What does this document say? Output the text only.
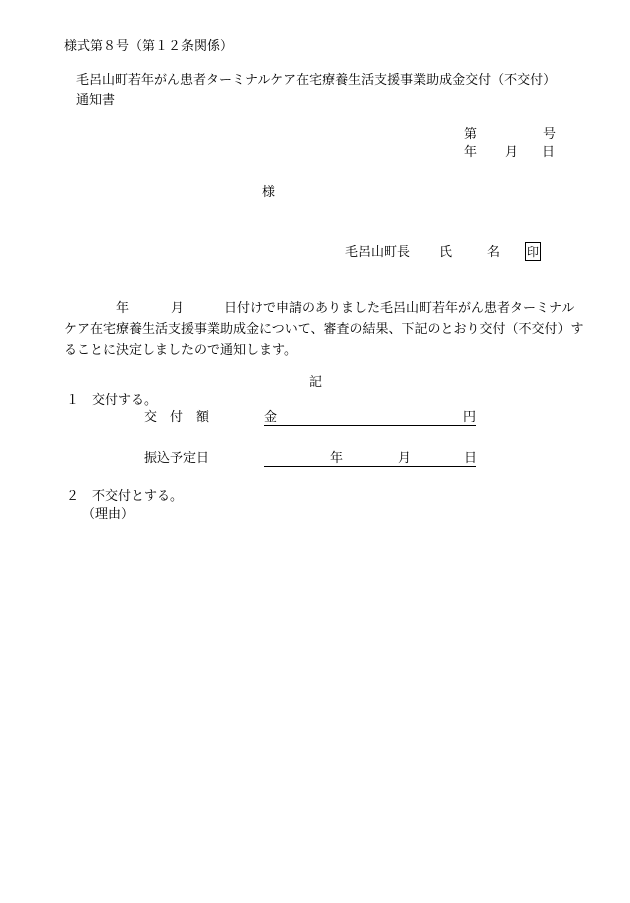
様式第８号（第１２条関係）
毛呂山町若年がん患者ターミナルケア在宅療養生活支援事業助成金交付（不交付）
通知書
第	号
年 月 日
様
毛呂山町長 氏	名 印
年	月	日付けで申請のありました毛呂山町若年がん患者ターミナルケア在宅療養生活支援事業助成金について、審査の結果、下記のとおり交付（不交付）することに決定しましたので通知します。
記
１　交付する。
交　付　額	金	円
振込予定日	年	月	日
２　不交付とする。
（理由）
